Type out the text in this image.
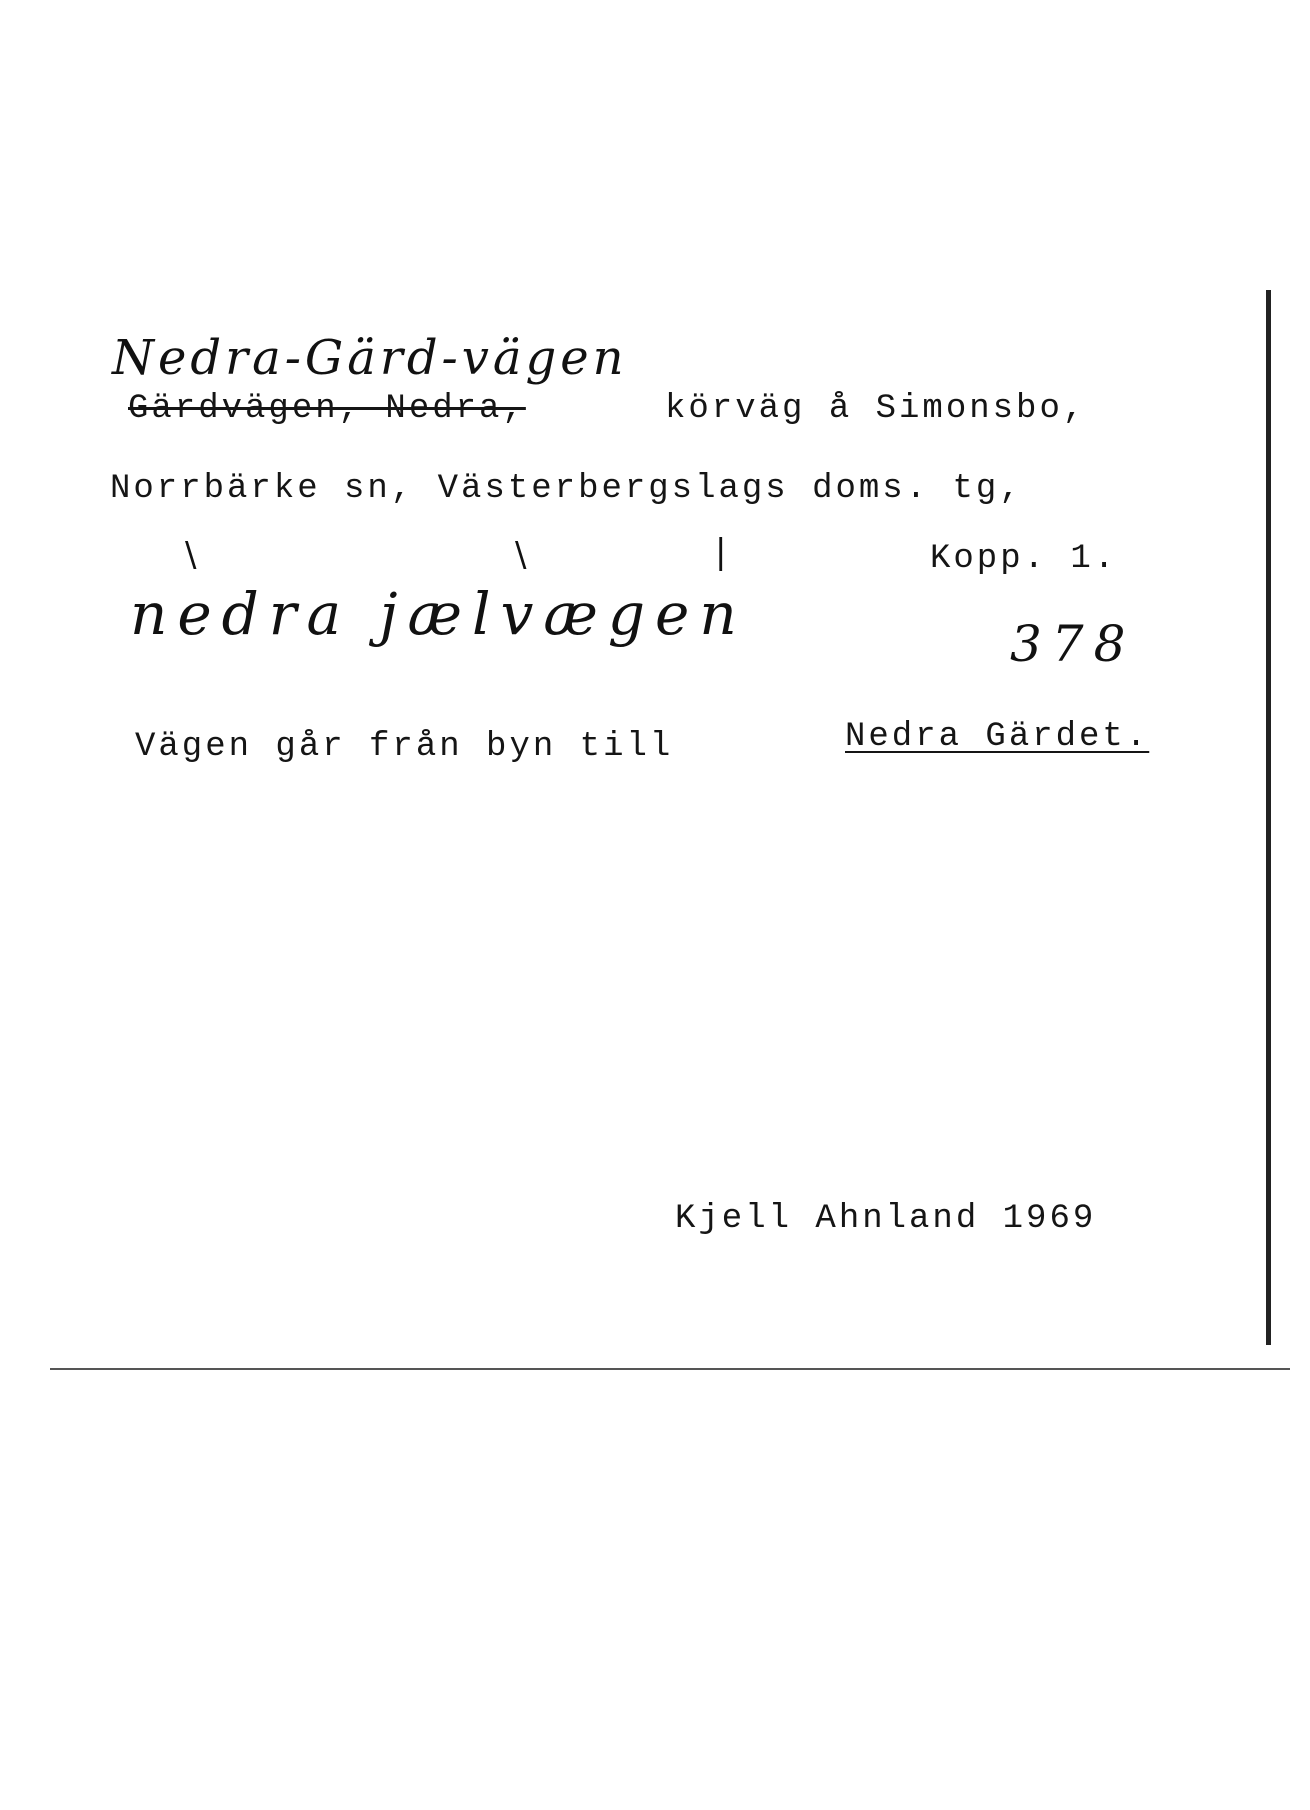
Nedra-Gärd-vägen
Gärdvägen, Nedra,	körväg å Simonsbo,
Norrbärke sn, Västerbergslags doms. tg,
Kopp. 1.
\	\	|
nedra jælvægen	378
Vägen går från byn till	Nedra Gärdet.
Kjell Ahnland 1969
